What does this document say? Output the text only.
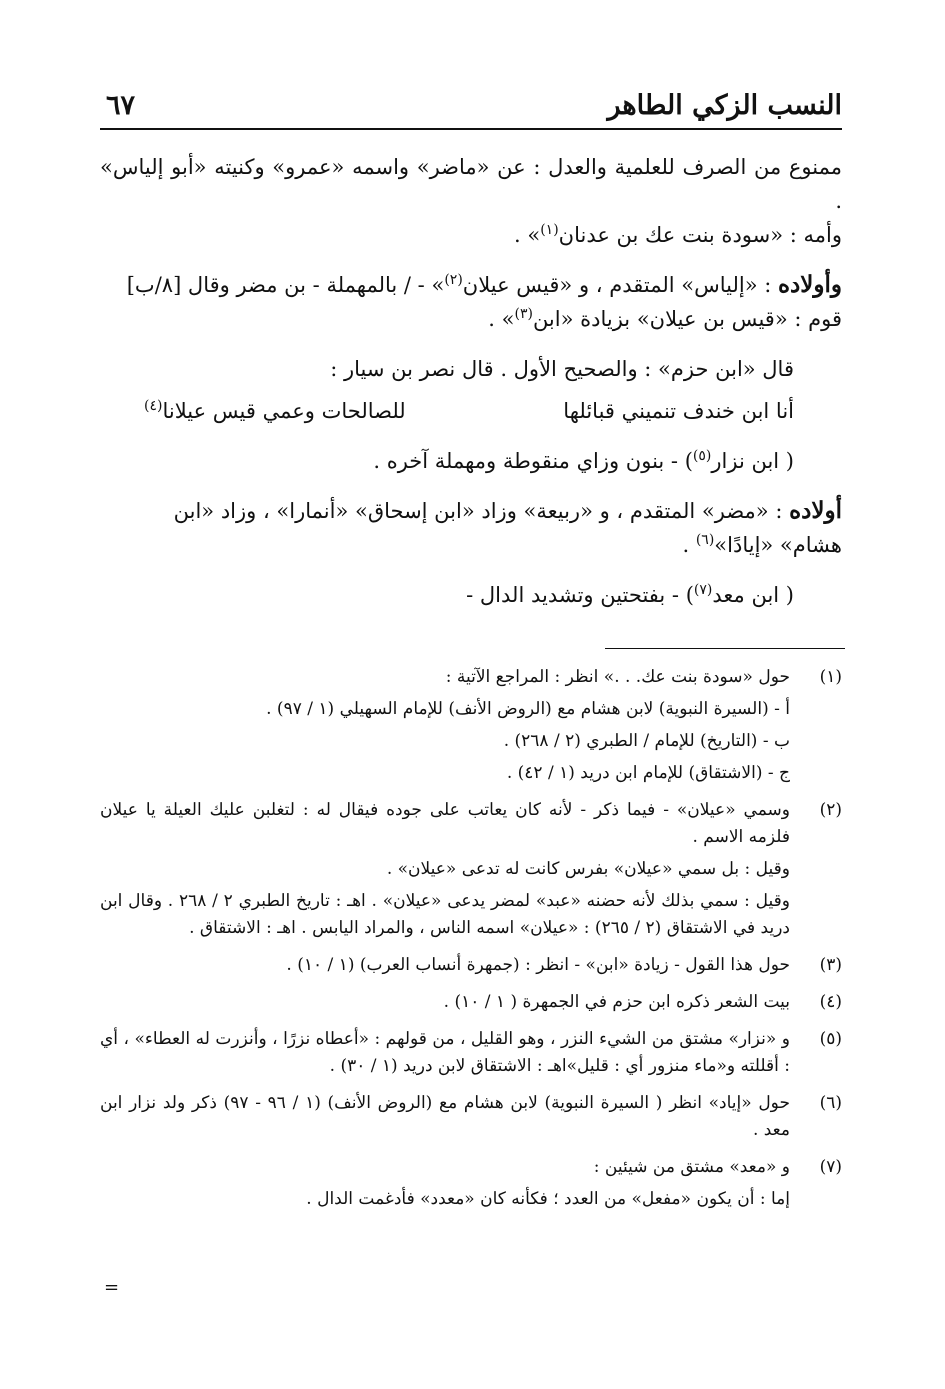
النسب الزكي الطاهر
٦٧

ممنوع من الصرف للعلمية والعدل : عن «ماضر» واسمه «عمرو» وكنيته «أبو إلياس» .

وأمه : «سودة بنت عك بن عدنان$^{(١)}$» .

وأولاده : «إلياس» المتقدم ، و «قيس عيلان$^{(٢)}$» - / بالمهملة - بن مضر وقال [٨/ب]

قوم : «قيس بن عيلان» بزيادة «ابن$^{(٣)}$» .

قال «ابن حزم» : والصحيح الأول . قال نصر بن سيار :

أنا ابن خندف تنميني قبائلها
للصالحات وعمي قيس عيلانا$^{(٤)}$

( ابن نزار$^{(٥)}$) - بنون وزاي منقوطة ومهملة آخره .

أولاده : «مضر» المتقدم ، و «ربيعة» وزاد «ابن إسحاق» «أنمارا» ، وزاد «ابن

هشام» «إيادًا»$^{(٦)}$ .

( ابن معد$^{(٧)}$) - بفتحتين وتشديد الدال -

(١)

حول «سودة بنت عك. . .» انظر : المراجع الآتية :

أ - (السيرة النبوية) لابن هشام مع (الروض الأنف) للإمام السهيلي (١ / ٩٧) .

ب - (التاريخ) للإمام / الطبري (٢ / ٢٦٨) .

ج - (الاشتقاق) للإمام ابن دريد (١ / ٤٢) .

(٢)

وسمي «عيلان» - فيما ذكر - لأنه كان يعاتب على جوده فيقال له : لتغلبن عليك العيلة يا عيلان فلزمه الاسم .

وقيل : بل سمي «عيلان» بفرس كانت له تدعى «عيلان» .

وقيل : سمي بذلك لأنه حضنه «عبد» لمضر يدعى «عيلان» . اهـ : تاريخ الطبري ٢ / ٢٦٨ . وقال ابن دريد في الاشتقاق (٢ / ٢٦٥) : «عيلان» اسمه الناس ، والمراد اليابس . اهـ : الاشتقاق .

(٣)

حول هذا القول - زيادة «ابن» - انظر : (جمهرة أنساب العرب) (١ / ١٠) .

(٤)

بيت الشعر ذكره ابن حزم في الجمهرة ( ١ / ١٠) .

(٥)

و «نزار» مشتق من الشيء النزر ، وهو القليل ، من قولهم : «أعطاه نزرًا ، وأنزرت له العطاء» ، أي : أقللته و«ماء منزور أي : قليل»اهـ : الاشتقاق لابن دريد (١ / ٣٠) .

(٦)

حول «إياد» انظر ( السيرة النبوية) لابن هشام مع (الروض الأنف) (١ / ٩٦ - ٩٧) ذكر ولد نزار ابن معد .

(٧)

و «معد» مشتق من شيئين :

إما : أن يكون «مفعل» من العدد ؛ فكأنه كان «معدد» فأدغمت الدال .

=
